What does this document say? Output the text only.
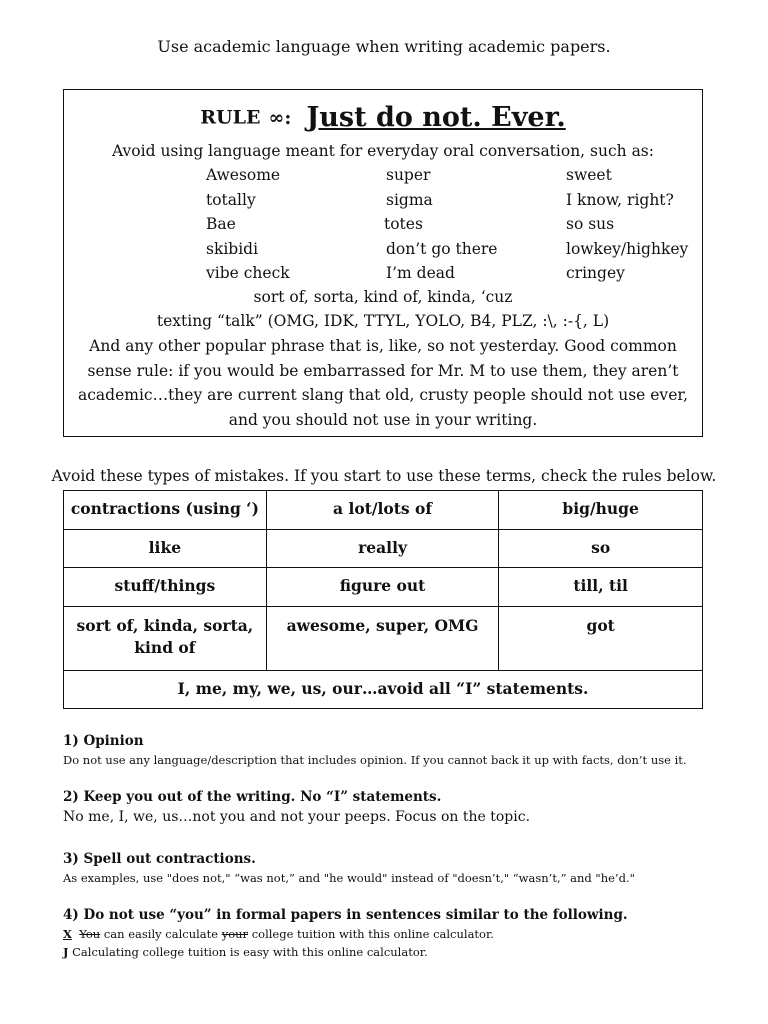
Use academic language when writing academic papers.
RULE ∞: Just do not. Ever.
Avoid using language meant for everyday oral conversation, such as:
Awesome	super	sweet
totally	sigma	I know, right?
Bae	totes	so sus
skibidi	don’t go there	lowkey/highkey
vibe check	I’m dead	cringey
sort of, sorta, kind of, kinda, ‘cuz
texting “talk” (OMG, IDK, TTYL, YOLO, B4, PLZ, :\, :-{, L)
And any other popular phrase that is, like, so not yesterday. Good common sense rule: if you would be embarrassed for Mr. M to use them, they aren’t academic…they are current slang that old, crusty people should not use ever, and you should not use in your writing.
Avoid these types of mistakes. If you start to use these terms, check the rules below.
contractions (using ‘)	a lot/lots of	big/huge
like	really	so
stuff/things	figure out	till, til
sort of, kinda, sorta, kind of	awesome, super, OMG	got
I, me, my, we, us, our…avoid all “I” statements.		
1) Opinion
Do not use any language/description that includes opinion. If you cannot back it up with facts, don’t use it.
2) Keep you out of the writing. No “I” statements.
No me, I, we, us…not you and not your peeps. Focus on the topic.
3) Spell out contractions.
As examples, use "does not," “was not,” and "he would" instead of "doesn’t," “wasn’t,” and "he’d."
4) Do not use “you” in formal papers in sentences similar to the following.
X You can easily calculate your college tuition with this online calculator.
J Calculating college tuition is easy with this online calculator.
